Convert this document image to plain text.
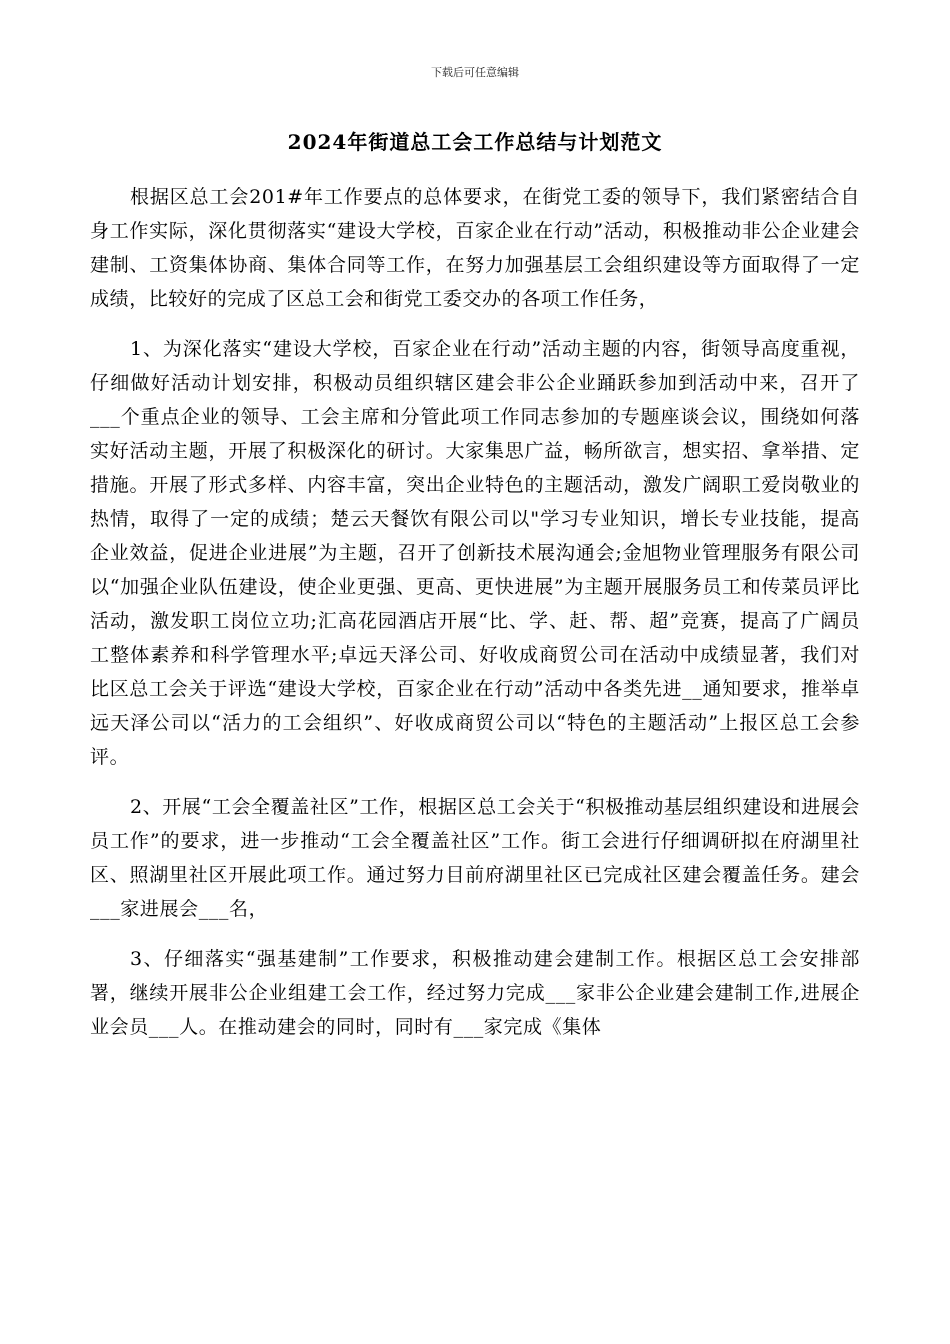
下载后可任意编辑
2024年街道总工会工作总结与计划范文

根据区总工会201#年工作要点的总体要求，在街党工委的领导下，我们紧密结合自身工作实际，深化贯彻落实“建设大学校，百家企业在行动”活动，积极推动非公企业建会建制、工资集体协商、集体合同等工作，在努力加强基层工会组织建设等方面取得了一定成绩，比较好的完成了区总工会和街党工委交办的各项工作任务，

1、为深化落实“建设大学校，百家企业在行动”活动主题的内容，街领导高度重视，仔细做好活动计划安排，积极动员组织辖区建会非公企业踊跃参加到活动中来，召开了___个重点企业的领导、工会主席和分管此项工作同志参加的专题座谈会议，围绕如何落实好活动主题，开展了积极深化的研讨。大家集思广益，畅所欲言，想实招、拿举措、定措施。开展了形式多样、内容丰富，突出企业特色的主题活动，激发广阔职工爱岗敬业的热情，取得了一定的成绩；楚云天餐饮有限公司以"学习专业知识，增长专业技能，提高企业效益，促进企业进展”为主题，召开了创新技术展沟通会;金旭物业管理服务有限公司以“加强企业队伍建设，使企业更强、更高、更快进展”为主题开展服务员工和传菜员评比活动，激发职工岗位立功;汇高花园酒店开展“比、学、赶、帮、超”竞赛，提高了广阔员工整体素养和科学管理水平;卓远天泽公司、好收成商贸公司在活动中成绩显著，我们对比区总工会关于评选“建设大学校，百家企业在行动”活动中各类先进__通知要求，推举卓远天泽公司以“活力的工会组织”、好收成商贸公司以“特色的主题活动”上报区总工会参评。

2、开展“工会全覆盖社区”工作，根据区总工会关于“积极推动基层组织建设和进展会员工作”的要求，进一步推动“工会全覆盖社区”工作。街工会进行仔细调研拟在府湖里社区、照湖里社区开展此项工作。通过努力目前府湖里社区已完成社区建会覆盖任务。建会___家进展会___名，

3、仔细落实“强基建制”工作要求，积极推动建会建制工作。根据区总工会安排部署，继续开展非公企业组建工会工作，经过努力完成___家非公企业建会建制工作,进展企业会员___人。在推动建会的同时，同时有___家完成《集体
